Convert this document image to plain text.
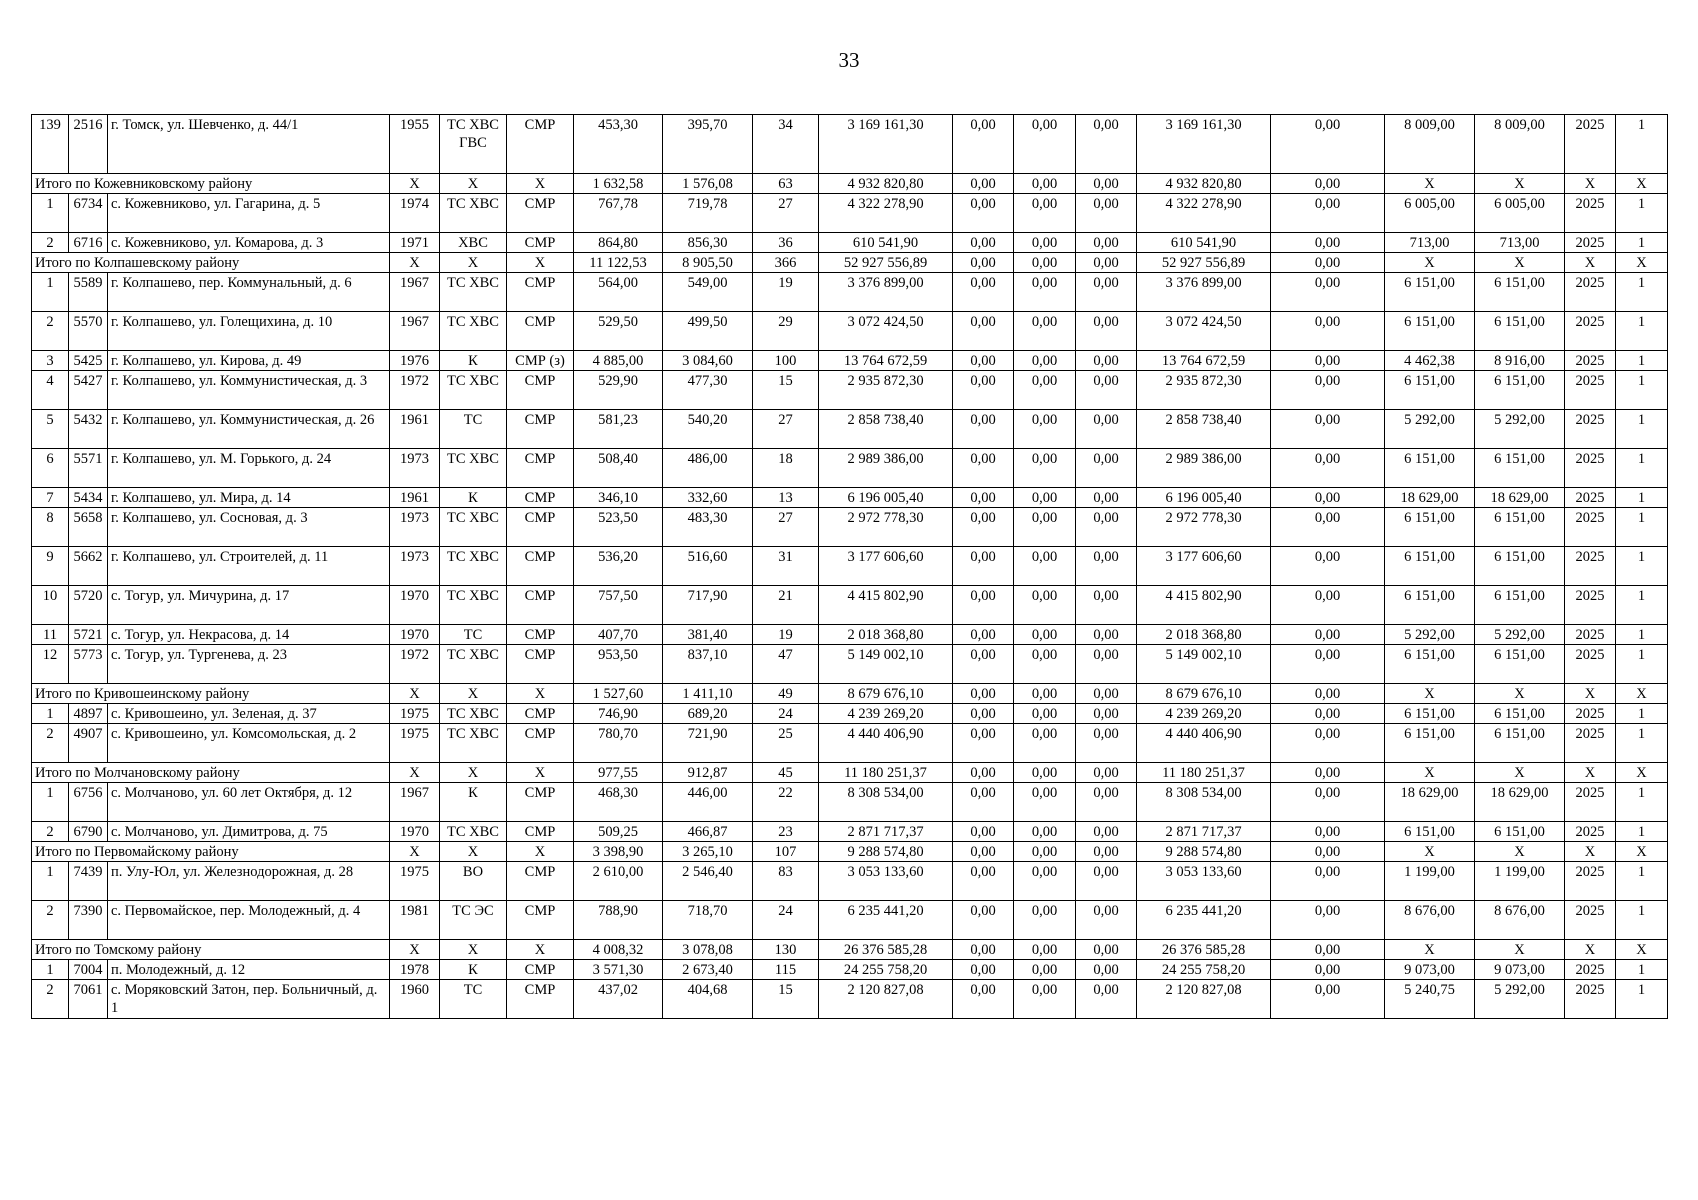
33
139	2516	г. Томск, ул. Шевченко, д. 44/1	1955	ТС ХВС ГВС	СМР	453,30	395,70	34	3 169 161,30	0,00	0,00	0,00	3 169 161,30	0,00	8 009,00	8 009,00	2025	1
Итого по Кожевниковскому району			X	X	X	1 632,58	1 576,08	63	4 932 820,80	0,00	0,00	0,00	4 932 820,80	0,00	X	X	X	X
1	6734	с. Кожевниково, ул. Гагарина, д. 5	1974	ТС ХВС	СМР	767,78	719,78	27	4 322 278,90	0,00	0,00	0,00	4 322 278,90	0,00	6 005,00	6 005,00	2025	1
2	6716	с. Кожевниково, ул. Комарова, д. 3	1971	ХВС	СМР	864,80	856,30	36	610 541,90	0,00	0,00	0,00	610 541,90	0,00	713,00	713,00	2025	1
Итого по Колпашевскому району			X	X	X	11 122,53	8 905,50	366	52 927 556,89	0,00	0,00	0,00	52 927 556,89	0,00	X	X	X	X
1	5589	г. Колпашево, пер. Коммунальный, д. 6	1967	ТС ХВС	СМР	564,00	549,00	19	3 376 899,00	0,00	0,00	0,00	3 376 899,00	0,00	6 151,00	6 151,00	2025	1
2	5570	г. Колпашево, ул. Голещихина, д. 10	1967	ТС ХВС	СМР	529,50	499,50	29	3 072 424,50	0,00	0,00	0,00	3 072 424,50	0,00	6 151,00	6 151,00	2025	1
3	5425	г. Колпашево, ул. Кирова, д. 49	1976	К	СМР (з)	4 885,00	3 084,60	100	13 764 672,59	0,00	0,00	0,00	13 764 672,59	0,00	4 462,38	8 916,00	2025	1
4	5427	г. Колпашево, ул. Коммунистическая, д. 3	1972	ТС ХВС	СМР	529,90	477,30	15	2 935 872,30	0,00	0,00	0,00	2 935 872,30	0,00	6 151,00	6 151,00	2025	1
5	5432	г. Колпашево, ул. Коммунистическая, д. 26	1961	ТС	СМР	581,23	540,20	27	2 858 738,40	0,00	0,00	0,00	2 858 738,40	0,00	5 292,00	5 292,00	2025	1
6	5571	г. Колпашево, ул. М. Горького, д. 24	1973	ТС ХВС	СМР	508,40	486,00	18	2 989 386,00	0,00	0,00	0,00	2 989 386,00	0,00	6 151,00	6 151,00	2025	1
7	5434	г. Колпашево, ул. Мира, д. 14	1961	К	СМР	346,10	332,60	13	6 196 005,40	0,00	0,00	0,00	6 196 005,40	0,00	18 629,00	18 629,00	2025	1
8	5658	г. Колпашево, ул. Сосновая, д. 3	1973	ТС ХВС	СМР	523,50	483,30	27	2 972 778,30	0,00	0,00	0,00	2 972 778,30	0,00	6 151,00	6 151,00	2025	1
9	5662	г. Колпашево, ул. Строителей, д. 11	1973	ТС ХВС	СМР	536,20	516,60	31	3 177 606,60	0,00	0,00	0,00	3 177 606,60	0,00	6 151,00	6 151,00	2025	1
10	5720	с. Тогур, ул. Мичурина, д. 17	1970	ТС ХВС	СМР	757,50	717,90	21	4 415 802,90	0,00	0,00	0,00	4 415 802,90	0,00	6 151,00	6 151,00	2025	1
11	5721	с. Тогур, ул. Некрасова, д. 14	1970	ТС	СМР	407,70	381,40	19	2 018 368,80	0,00	0,00	0,00	2 018 368,80	0,00	5 292,00	5 292,00	2025	1
12	5773	с. Тогур, ул. Тургенева, д. 23	1972	ТС ХВС	СМР	953,50	837,10	47	5 149 002,10	0,00	0,00	0,00	5 149 002,10	0,00	6 151,00	6 151,00	2025	1
Итого по Кривошеинскому району			X	X	X	1 527,60	1 411,10	49	8 679 676,10	0,00	0,00	0,00	8 679 676,10	0,00	X	X	X	X
1	4897	с. Кривошеино, ул. Зеленая, д. 37	1975	ТС ХВС	СМР	746,90	689,20	24	4 239 269,20	0,00	0,00	0,00	4 239 269,20	0,00	6 151,00	6 151,00	2025	1
2	4907	с. Кривошеино, ул. Комсомольская, д. 2	1975	ТС ХВС	СМР	780,70	721,90	25	4 440 406,90	0,00	0,00	0,00	4 440 406,90	0,00	6 151,00	6 151,00	2025	1
Итого по Молчановскому району			X	X	X	977,55	912,87	45	11 180 251,37	0,00	0,00	0,00	11 180 251,37	0,00	X	X	X	X
1	6756	с. Молчаново, ул. 60 лет Октября, д. 12	1967	К	СМР	468,30	446,00	22	8 308 534,00	0,00	0,00	0,00	8 308 534,00	0,00	18 629,00	18 629,00	2025	1
2	6790	с. Молчаново, ул. Димитрова, д. 75	1970	ТС ХВС	СМР	509,25	466,87	23	2 871 717,37	0,00	0,00	0,00	2 871 717,37	0,00	6 151,00	6 151,00	2025	1
Итого по Первомайскому району			X	X	X	3 398,90	3 265,10	107	9 288 574,80	0,00	0,00	0,00	9 288 574,80	0,00	X	X	X	X
1	7439	п. Улу-Юл, ул. Железнодорожная, д. 28	1975	ВО	СМР	2 610,00	2 546,40	83	3 053 133,60	0,00	0,00	0,00	3 053 133,60	0,00	1 199,00	1 199,00	2025	1
2	7390	с. Первомайское, пер. Молодежный, д. 4	1981	ТС ЭС	СМР	788,90	718,70	24	6 235 441,20	0,00	0,00	0,00	6 235 441,20	0,00	8 676,00	8 676,00	2025	1
Итого по Томскому району			X	X	X	4 008,32	3 078,08	130	26 376 585,28	0,00	0,00	0,00	26 376 585,28	0,00	X	X	X	X
1	7004	п. Молодежный, д. 12	1978	К	СМР	3 571,30	2 673,40	115	24 255 758,20	0,00	0,00	0,00	24 255 758,20	0,00	9 073,00	9 073,00	2025	1
2	7061	с. Моряковский Затон, пер. Больничный, д. 1	1960	ТС	СМР	437,02	404,68	15	2 120 827,08	0,00	0,00	0,00	2 120 827,08	0,00	5 240,75	5 292,00	2025	1
